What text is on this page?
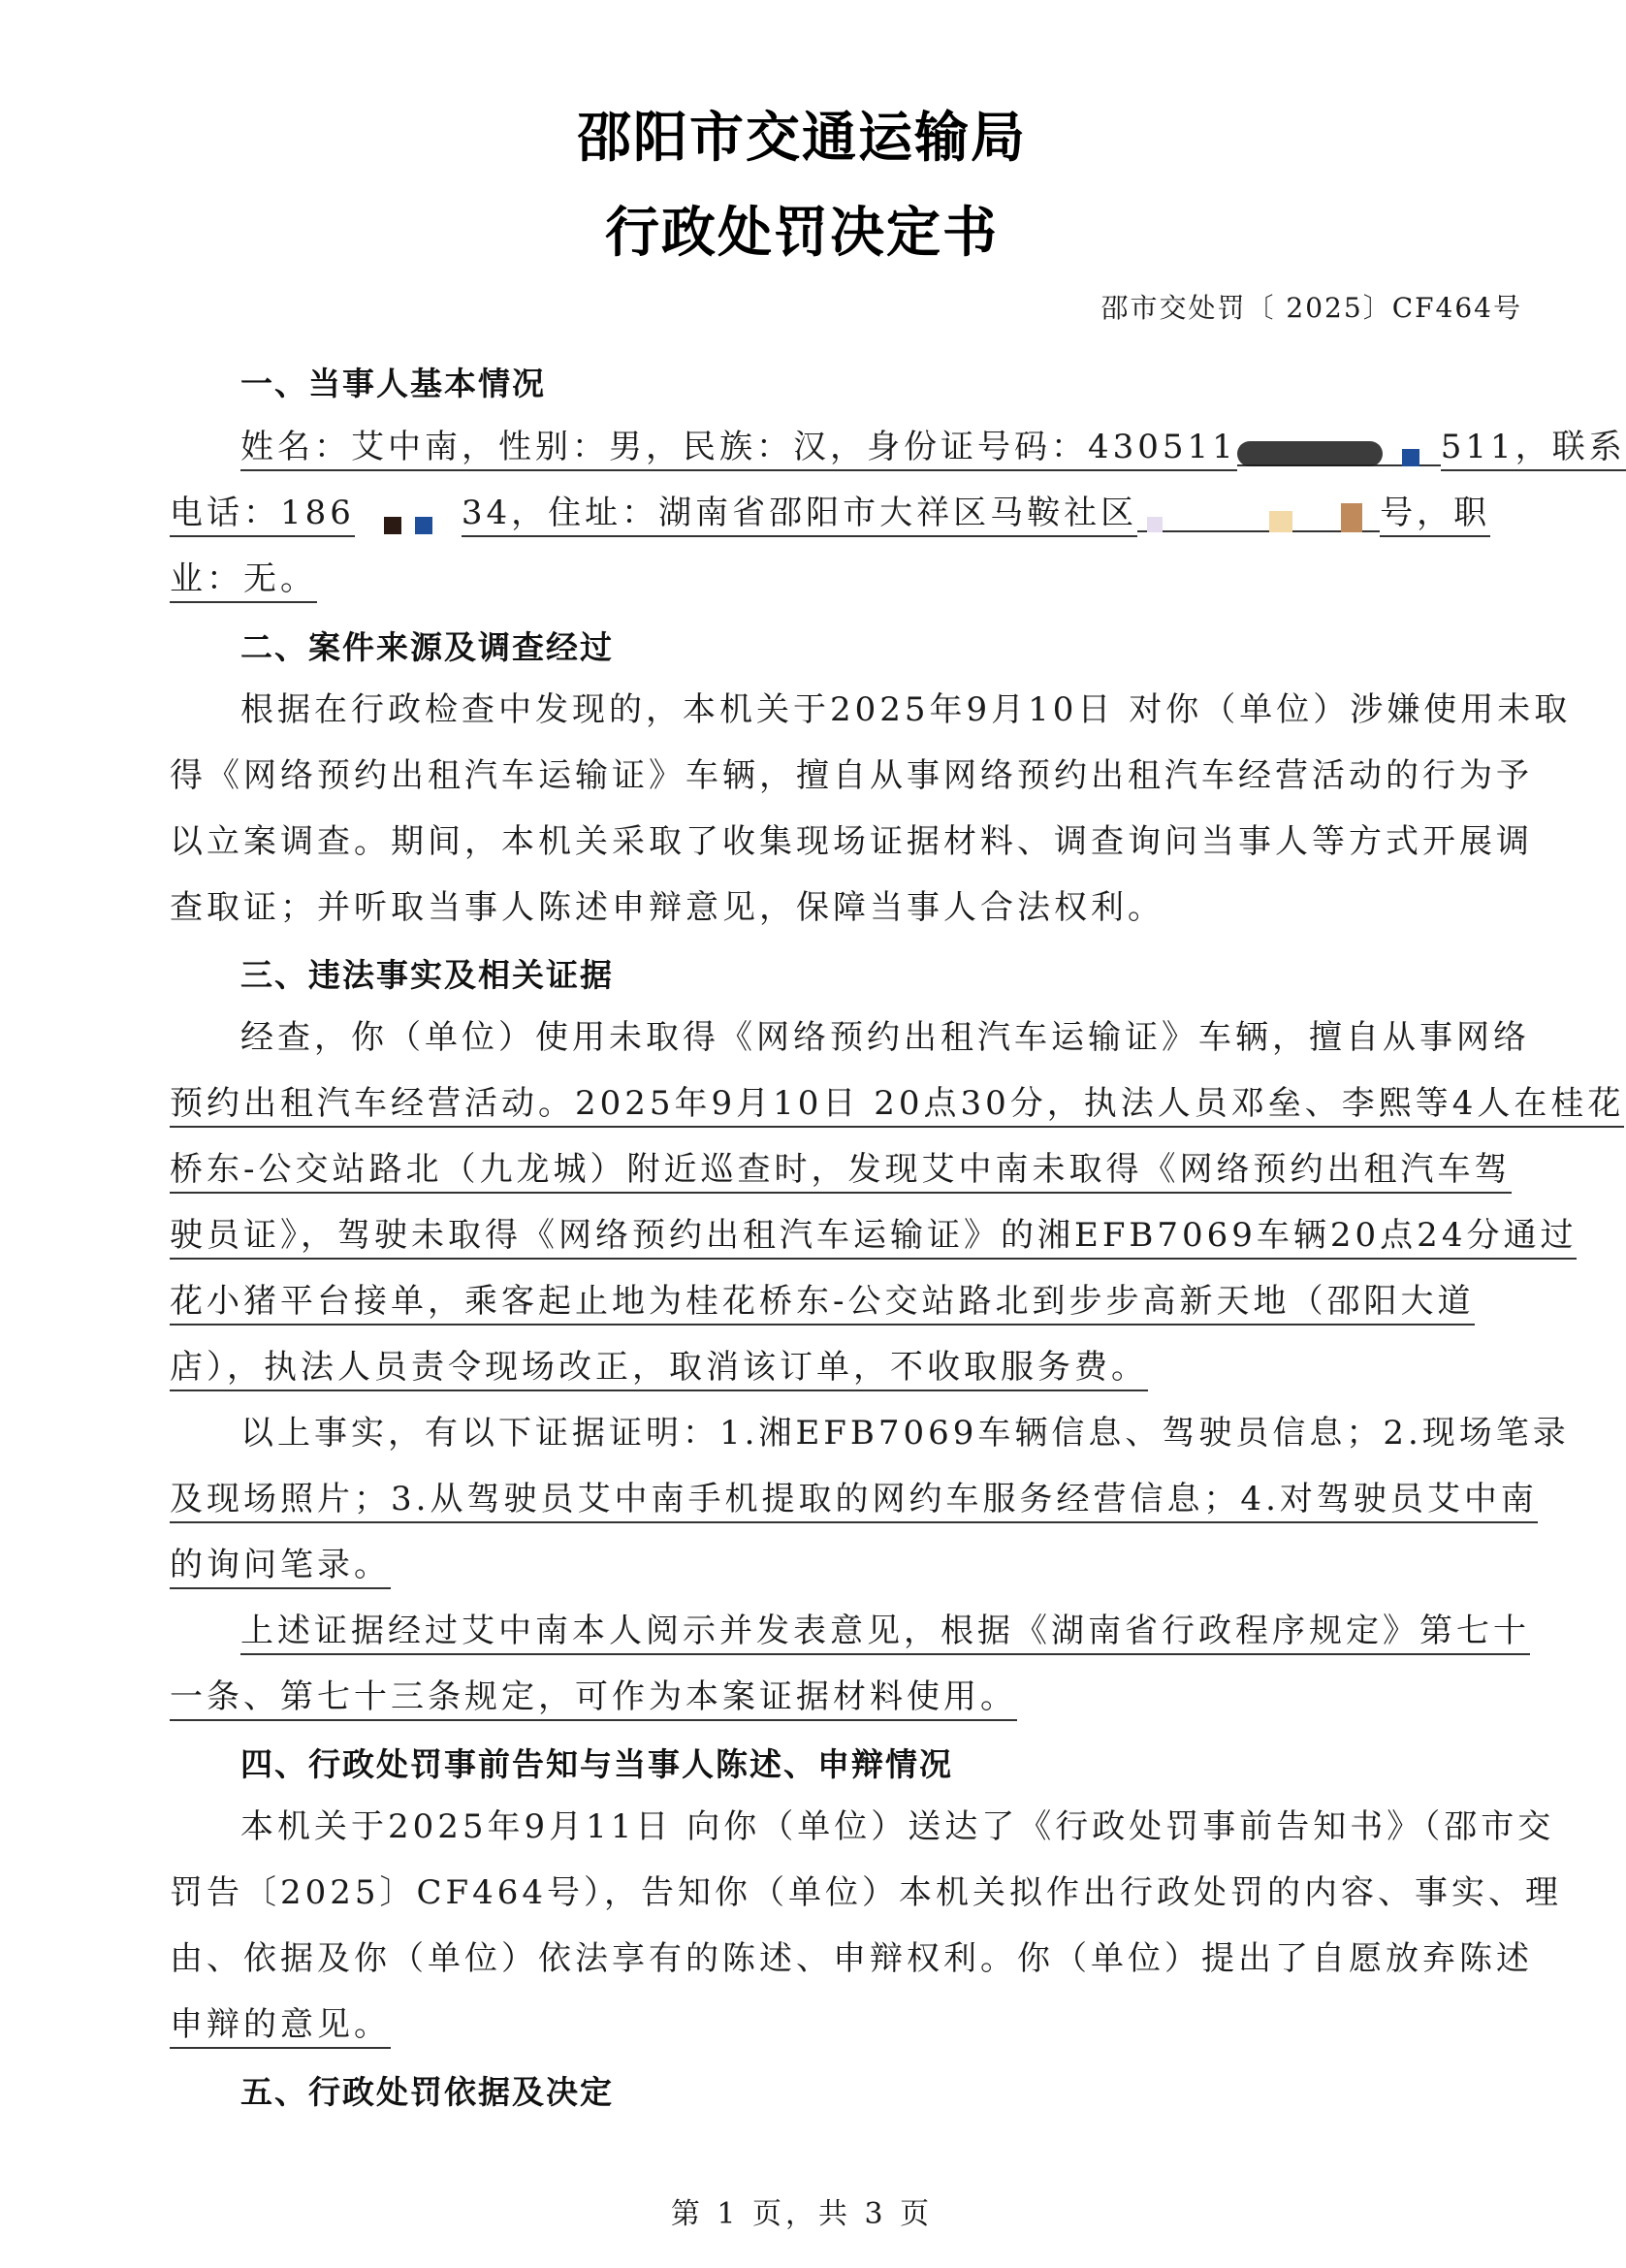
邵阳市交通运输局
行政处罚决定书
邵市交处罚〔 2025〕CF464号
一、当事人基本情况
姓名：艾中南，性别：男，民族：汉，身份证号码：430511	511，联系
电话：186	34，住址：湖南省邵阳市大祥区马鞍社区	号，职
业：无。
二、案件来源及调查经过
根据在行政检查中发现的，本机关于2025年9月10日 对你（单位）涉嫌使用未取
得《网络预约出租汽车运输证》车辆，擅自从事网络预约出租汽车经营活动的行为予
以立案调查。期间，本机关采取了收集现场证据材料、调查询问当事人等方式开展调
查取证；并听取当事人陈述申辩意见，保障当事人合法权利。
三、违法事实及相关证据
经查，你（单位）使用未取得《网络预约出租汽车运输证》车辆，擅自从事网络
预约出租汽车经营活动。2025年9月10日 20点30分，执法人员邓垒、李熙等4人在桂花
桥东-公交站路北（九龙城）附近巡查时，发现艾中南未取得《网络预约出租汽车驾
驶员证》，驾驶未取得《网络预约出租汽车运输证》的湘EFB7069车辆20点24分通过
花小猪平台接单，乘客起止地为桂花桥东-公交站路北到步步高新天地（邵阳大道
店），执法人员责令现场改正，取消该订单，不收取服务费。
以上事实，有以下证据证明：1.湘EFB7069车辆信息、驾驶员信息；2.现场笔录
及现场照片；3.从驾驶员艾中南手机提取的网约车服务经营信息；4.对驾驶员艾中南
的询问笔录。
上述证据经过艾中南本人阅示并发表意见，根据《湖南省行政程序规定》第七十
一条、第七十三条规定，可作为本案证据材料使用。
四、行政处罚事前告知与当事人陈述、申辩情况
本机关于2025年9月11日 向你（单位）送达了《行政处罚事前告知书》（邵市交
罚告〔2025〕CF464号），告知你（单位）本机关拟作出行政处罚的内容、事实、理
由、依据及你（单位）依法享有的陈述、申辩权利。你（单位）提出了自愿放弃陈述
申辩的意见。
五、行政处罚依据及决定
第 1 页，共 3 页
